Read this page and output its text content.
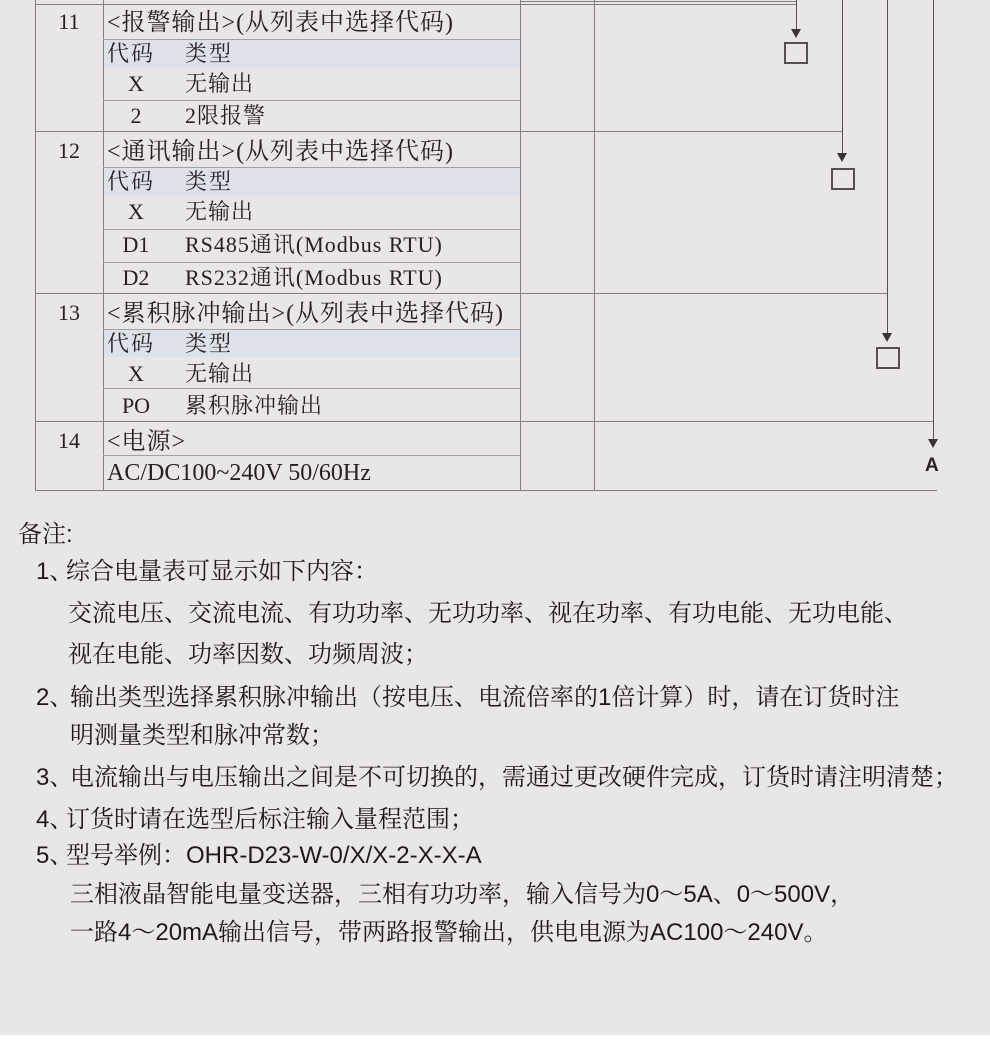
11	<报警输出>(从列表中选择代码)
代码 类型
X	无输出
2	2限报警
12	<通讯输出>(从列表中选择代码)
代码 类型
X	无输出
D1	RS485通讯(Modbus RTU)
D2	RS232通讯(Modbus RTU)
13	<累积脉冲输出>(从列表中选择代码)
代码 类型
X	无输出
PO	累积脉冲输出
14	<电源>
AC/DC100~240V 50/60Hz	A
备注:
1、
综合电量表可显示如下内容：
交流电压、交流电流、有功功率、无功功率、视在功率、有功电能、无功电能、
视在电能、功率因数、功频周波；
2、
输出类型选择累积脉冲输出（按电压、电流倍率的1倍计算）时，请在订货时注
明测量类型和脉冲常数；
3、
电流输出与电压输出之间是不可切换的，需通过更改硬件完成，订货时请注明清楚；
4、
订货时请在选型后标注输入量程范围；
5、
型号举例：OHR-D23-W-0/X/X-2-X-X-A
三相液晶智能电量变送器，三相有功功率，输入信号为0～5A、0～500V，
一路4～20mA输出信号，带两路报警输出，供电电源为AC100～240V。
